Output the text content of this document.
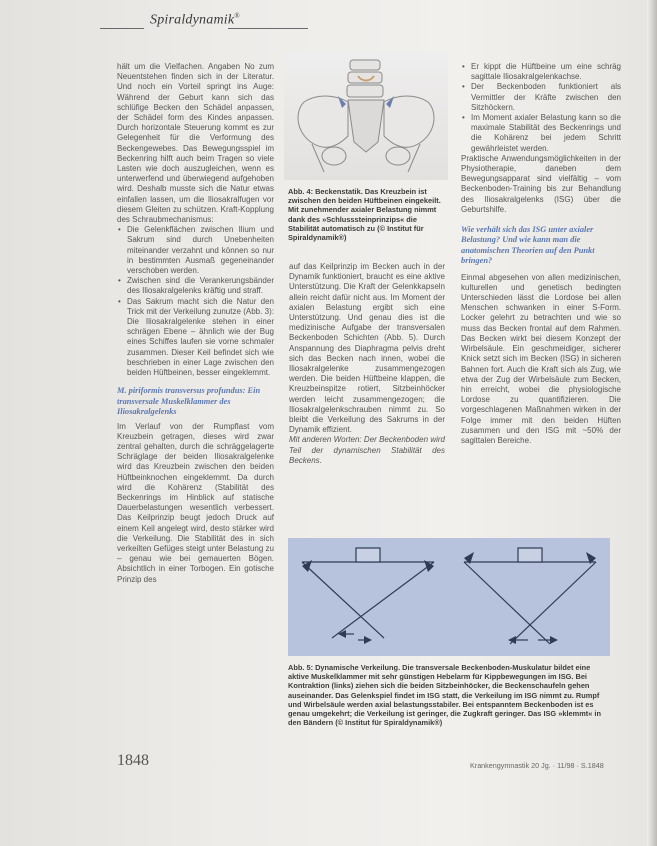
Spiraldynamik®

hält um die Vielfachen. Angaben No zum Neuentstehen finden sich in der Literatur. Und noch ein Vorteil springt ins Auge: Während der Geburt kann sich das schlüfige Becken den Schädel anpassen, der Schädel form des Kindes anpassen. Durch horizontale Steuerung kommt es zur Gelegenheit für die Verformung des Beckengewebes. Das Bewegungsspiel im Beckenring hilft auch beim Tragen so viele Lasten wie doch auszugleichen, wenn es unterwerfend und überwiegend aufgehoben wird. Deshalb musste sich die Natur etwas einfallen lassen, um die Iliosakralfugen vor diesem Gleiten zu schützen. Kraft-Kopplung des Schraubmechanismus:

• Die Gelenkflächen zwischen Ilium und Sakrum sind durch Unebenheiten miteinander verzahnt und können so nur in bestimmten Ausmaß gegeneinander verschoben werden.
• Zwischen sind die Verankerungsbänder des Iliosakralgelenks kräftig und straff.
• Das Sakrum macht sich die Natur den Trick mit der Verkeilung zunutze (Abb. 3): Die Iliosakralgelenke stehen in einer schrägen Ebene – ähnlich wie der Bug eines Schiffes laufen sie vorne schmaler zusammen. Dieser Keil befindet sich wie beschrieben in einer Lage zwischen den beiden Hüftbeinen, besser eingeklemmt.
M. piriformis transversus profundus: Ein transversale Muskelklammer des Iliosakralgelenks

Im Verlauf von der Rumpflast vom Kreuzbein getragen, dieses wird zwar zentral gehalten, durch die schräggelagerte Schräglage der beiden Iliosakralgelenke wird das Kreuzbein zwischen den beiden Hüftbeinknochen eingeklemmt. Da durch wird die Kohärenz (Stabilität des Beckenrings im Hinblick auf statische Dauerbelastungen wesentlich verbessert. Das Keilprinzip beugt jedoch Druck auf einem Keil angelegt wird, desto stärker wird die Verkeilung. Die Stabilität des in sich verkeilten Gefüges steigt unter Belastung zu – genau wie bei gemauerten Bögen. Absichtlich in einer Torbogen. Ein gotische Prinzip des

Abb. 4: Beckenstatik. Das Kreuzbein ist zwischen den beiden Hüftbeinen eingekeilt. Mit zunehmender axialer Belastung nimmt dank des »Schlusssteinprinzips« die Stabilität automatisch zu (© Institut für Spiraldynamik®)

auf das Keilprinzip im Becken auch in der Dynamik funktioniert, braucht es eine aktive Unterstützung. Die Kraft der Gelenkkapseln allein reicht dafür nicht aus. Im Moment der axialen Belastung ergibt sich eine Unterstützung. Und genau dies ist die medizinische Aufgabe der transversalen Beckenboden Schichten (Abb. 5). Durch Anspannung des Diaphragma pelvis dreht sich das Becken nach innen, wobei die Iliosakralgelenke zusammengezogen werden. Die beiden Hüftbeine klappen, die Kreuzbeinspitze rotiert, Sitzbeinhöcker werden leicht zusammengezogen; die Iliosakralgelenkschrauben nimmt zu. So bleibt die Verkeilung des Sakrums in der Dynamik effizient.

Mit anderen Worten: Der Beckenboden wird Teil der dynamischen Stabilität des Beckens.

• Er kippt die Hüftbeine um eine schräg sagittale Iliosakralgelenkachse.
• Der Beckenboden funktioniert als Vermittler der Kräfte zwischen den Sitzhöckern.
• Im Moment axialer Belastung kann so die maximale Stabilität des Beckenrings und die Kohärenz bei jedem Schritt gewährleistet werden.

Praktische Anwendungsmöglichkeiten in der Physiotherapie, daneben dem Bewegungsapparat sind vielfältig – vom Beckenboden-Training bis zur Behandlung des Iliosakralgelenks (ISG) über die Geburtshilfe.

Wie verhält sich das ISG unter axialer Belastung? Und wie kann man die anatomischen Theorien auf den Punkt bringen?

Einmal abgesehen von allen medizinischen, kulturellen und genetisch bedingten Unterschieden lässt die Lordose bei allen Menschen schwanken in einer S-Form. Locker gelehrt zu betrachten und wie so muss das Becken frontal auf dem Rahmen. Das Becken wirkt bei diesem Konzept der Wirbelsäule. Ein geschmeidiger, sicherer Knick setzt sich im Becken (ISG) in sicheren Bahnen fort. Auch die Kraft sich als Zug, wie etwa der Zug der Wirbelsäule zum Becken, hin erreicht, wobei die physiologische Lordose zu quantifizieren. Die vorgeschlagenen Maßnahmen wirken in der Folge immer mit den beiden Hüften zusammen und den ISG mit ~50% der sagittalen Bereiche.

Abb. 5: Dynamische Verkeilung. Die transversale Beckenboden-Muskulatur bildet eine aktive Muskelklammer mit sehr günstigen Hebelarm für Kippbewegungen im ISG. Bei Kontraktion (links) ziehen sich die beiden Sitzbeinhöcker, die Beckenschaufeln gehen auseinander. Das Gelenkspiel findet im ISG statt, die Verkeilung im ISG nimmt zu. Rumpf und Wirbelsäule werden axial belastungsstabiler. Bei entspanntem Beckenboden ist es genau umgekehrt; die Verkeilung ist geringer, die Zugkraft geringer. Das ISG »klemmt« in den Bändern (© Institut für Spiraldynamik®)
1848	Krankengymnastik 20 Jg. · 11/98 · S.1848
